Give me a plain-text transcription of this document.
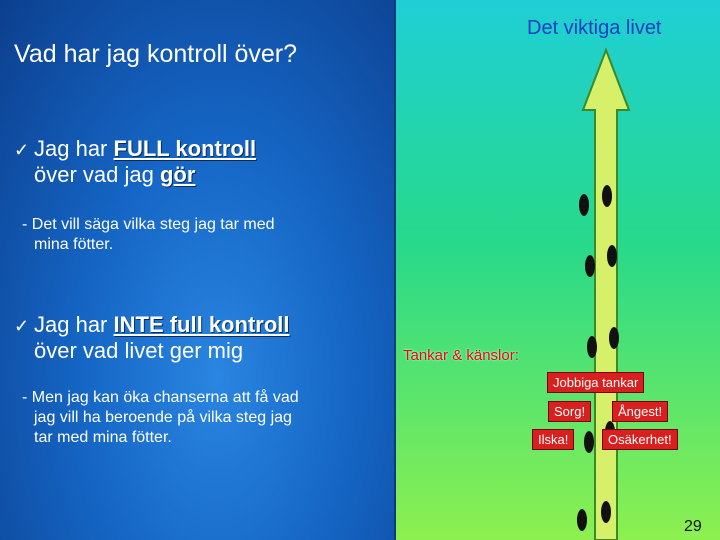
Vad har jag kontroll över?
✓ Jag har FULL kontroll
över vad jag gör
- Det vill säga vilka steg jag tar med
mina fötter.
✓ Jag har INTE full kontroll
över vad livet ger mig
- Men jag kan öka chanserna att få vad
jag vill ha beroende på vilka steg jag
tar med mina fötter.
Det viktiga livet
Tankar & känslor:
Jobbiga tankar
Sorg!	Ångest!
Ilska!	Osäkerhet!
29
